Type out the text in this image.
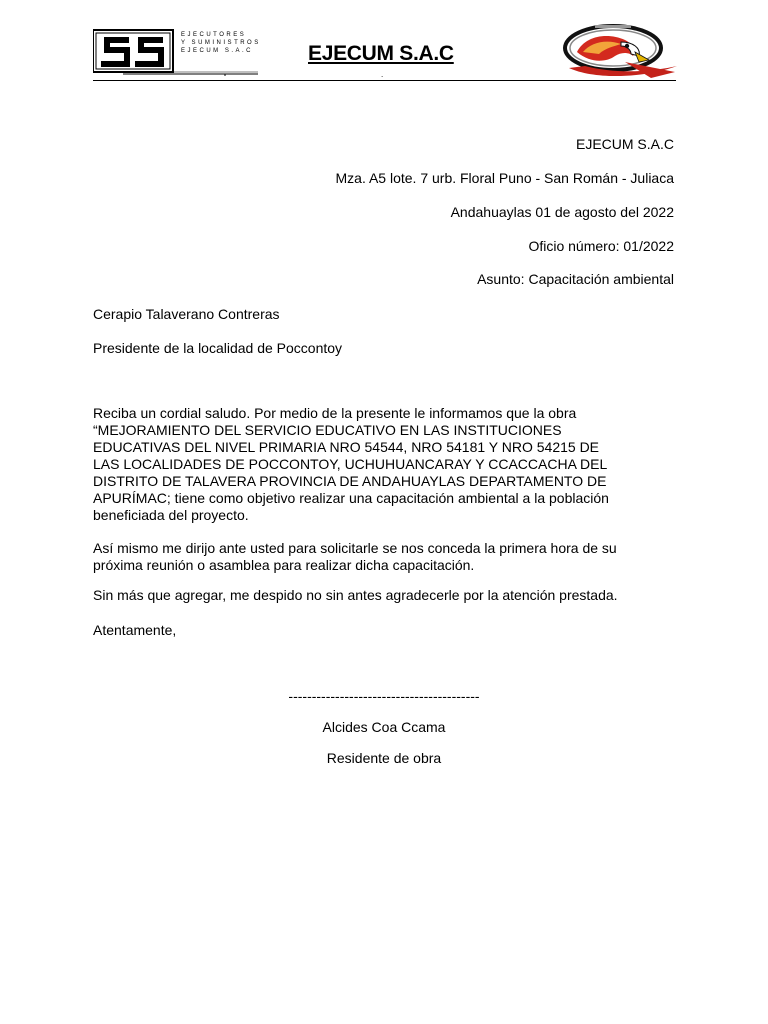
EJECUTORES
Y SUMINISTROS
EJECUM S.A.C	EJECUM S.A.C
.
EJECUM S.A.C
Mza. A5 lote. 7 urb. Floral Puno - San Román - Juliaca
Andahuaylas 01 de agosto del 2022
Oficio número: 01/2022
Asunto: Capacitación ambiental
Cerapio Talaverano Contreras
Presidente de la localidad de Poccontoy
Reciba un cordial saludo. Por medio de la presente le informamos que la obra
“MEJORAMIENTO DEL SERVICIO EDUCATIVO EN LAS INSTITUCIONES
EDUCATIVAS DEL NIVEL PRIMARIA NRO 54544, NRO 54181 Y NRO 54215 DE
LAS LOCALIDADES DE POCCONTOY, UCHUHUANCARAY Y CCACCACHA DEL
DISTRITO DE TALAVERA PROVINCIA DE ANDAHUAYLAS DEPARTAMENTO DE
APURÍMAC; tiene como objetivo realizar una capacitación ambiental a la población
beneficiada del proyecto.
Así mismo me dirijo ante usted para solicitarle se nos conceda la primera hora de su
próxima reunión o asamblea para realizar dicha capacitación.
Sin más que agregar, me despido no sin antes agradecerle por la atención prestada.
Atentamente,
-----------------------------------------
Alcides Coa Ccama
Residente de obra
